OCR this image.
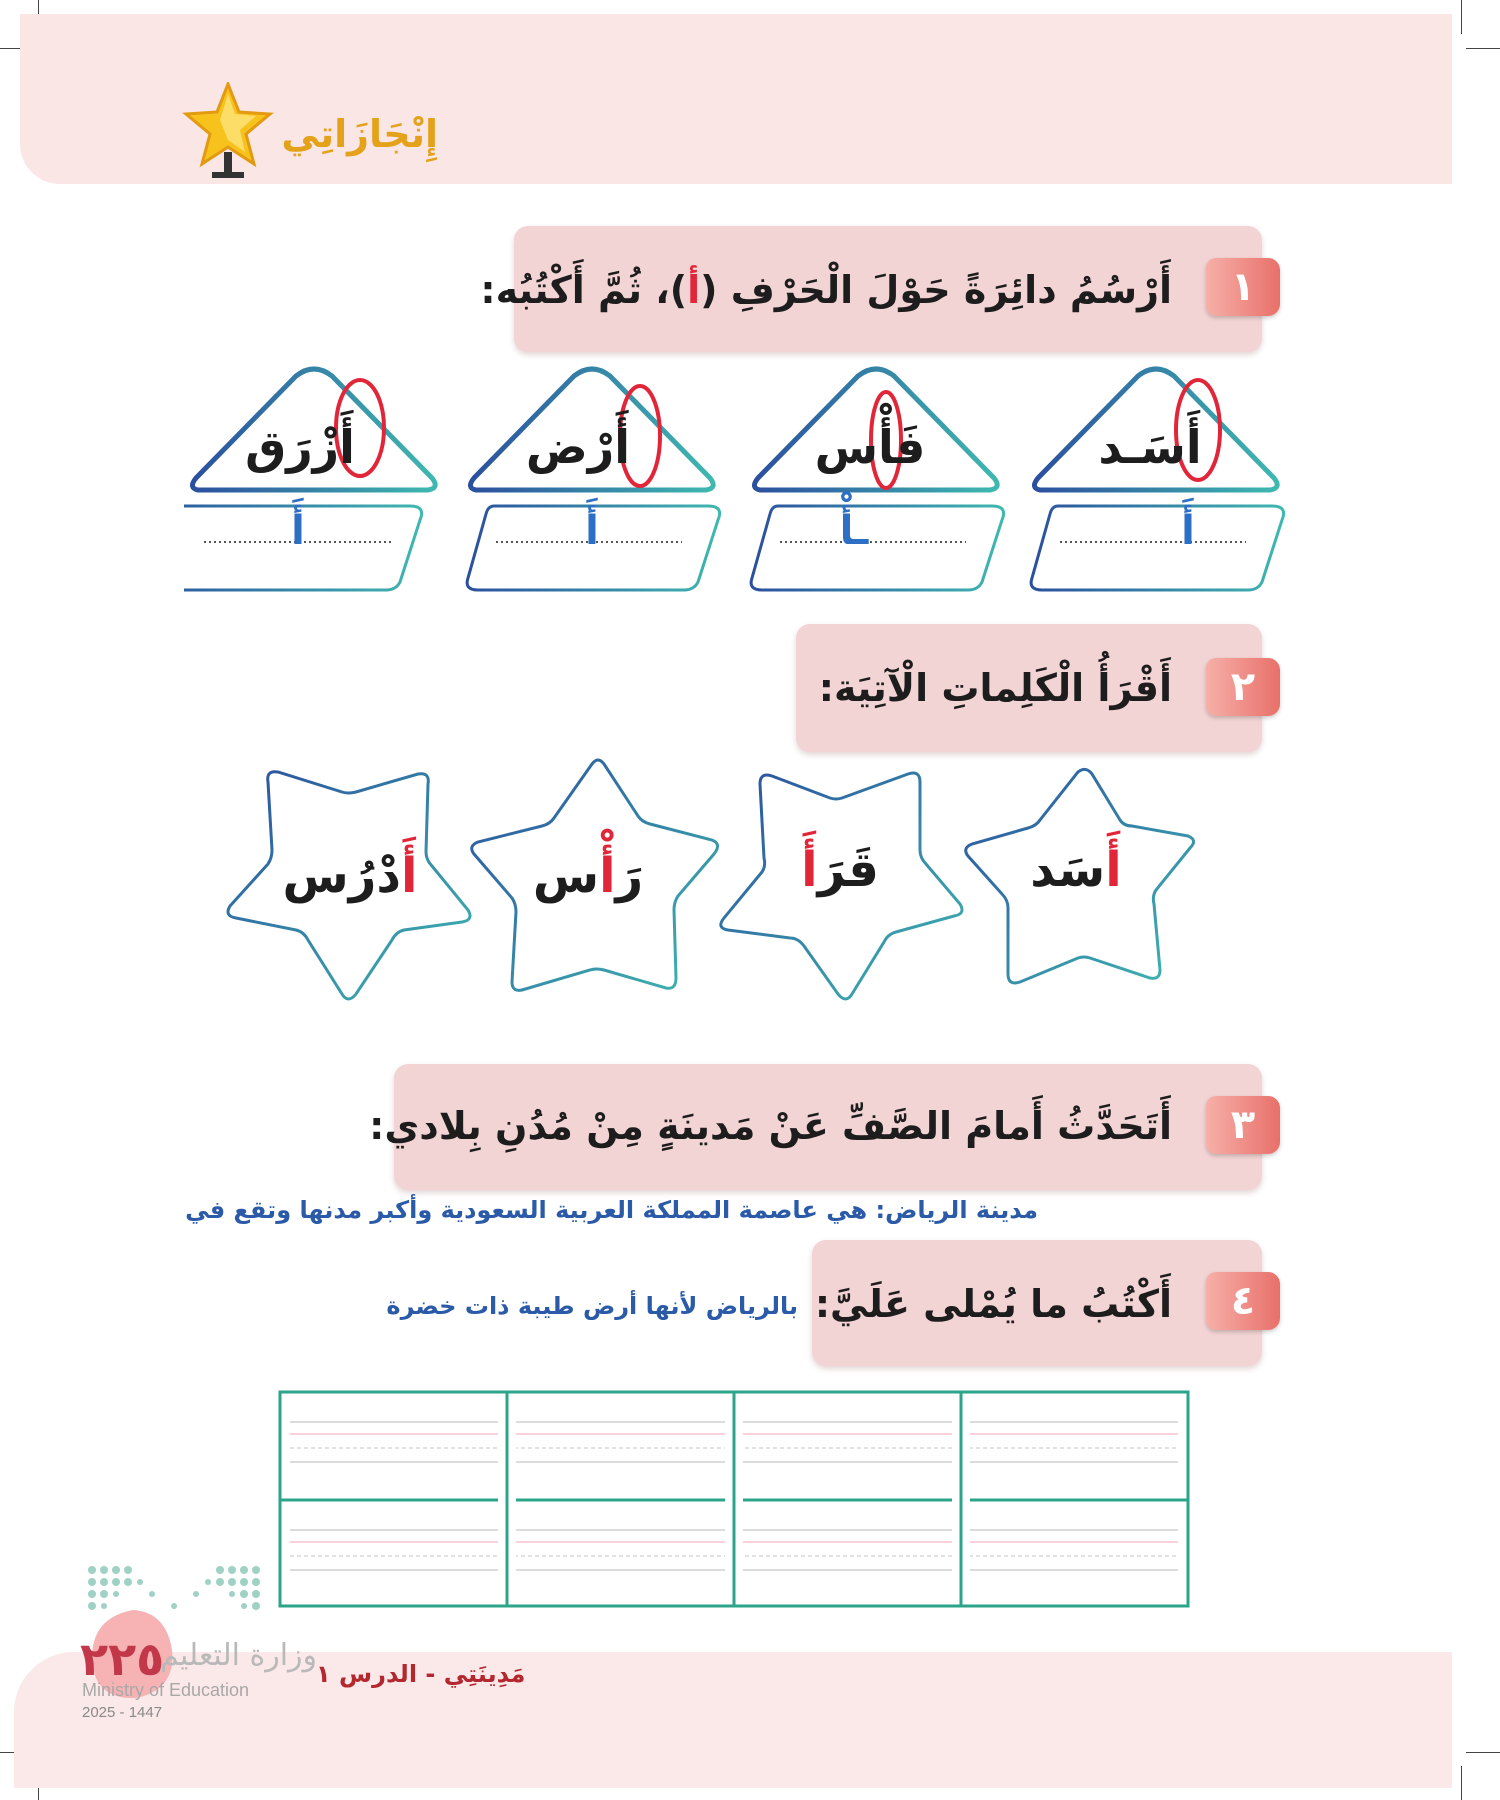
إِنْجَازَاتِي
١
أَرْسُمُ دائِرَةً حَوْلَ الْحَرْفِ (أ)، ثُمَّ أَكْتُبُه:
أَسَـد
أَ
فَأْس
ـأْ
أَرْض
أَ
أَزْرَق
أَ
٢
أَقْرَأُ الْكَلِماتِ الْآتِيَة:
أَسَد
قَرَأَ
رَأْس
أَدْرُس
٣
أَتَحَدَّثُ أَمامَ الصَّفِّ عَنْ مَدينَةٍ مِنْ مُدُنِ بِلادي:
مدينة الرياض: هي عاصمة المملكة العربية السعودية وأكبر مدنها وتقع في
بالرياض لأنها أرض طيبة ذات خضرة	٤
أَكْتُبُ ما يُمْلى عَلَيَّ:
٢٢٥
وزارة التعليم
Ministry of Education
2025 - 1447
مَدِينَتِي - الدرس ١
